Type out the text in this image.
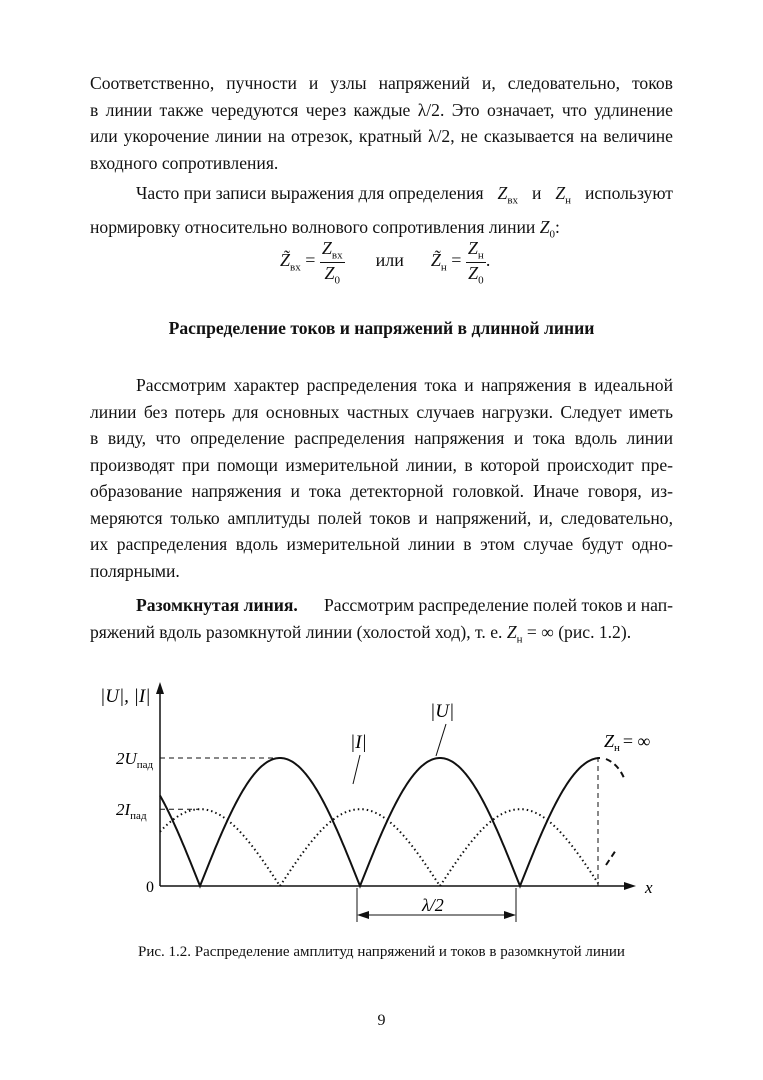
Соответственно, пучности и узлы напряжений и, следовательно, токов
в линии также чередуются через каждые λ/2. Это означает, что удлинение
или укорочение линии на отрезок, кратный λ/2, не сказывается на величине
входного сопротивления.
Часто при записи выражения для определения $Z_{вх}$ и $Z_н$ используют
нормировку относительно волнового сопротивления линии $Z_0$:
$Z̃_{вх} = \frac{Z_{вх}}{Z_0}$ или $Z̃_н = \frac{Z_н}{Z_0}$ .
Распределение токов и напряжений в длинной линии
Рассмотрим характер распределения тока и напряжения в идеальной
линии без потерь для основных частных случаев нагрузки. Следует иметь
в виду, что определение распределения напряжения и тока вдоль линии
производят при помощи измерительной линии, в которой происходит пре-
образование напряжения и тока детекторной головкой. Иначе говоря, из-
меряются только амплитуды полей токов и напряжений, и, следовательно,
их распределения вдоль измерительной линии в этом случае будут одно-
полярными.
Разомкнутая линия. Рассмотрим распределение полей токов и нап-
ряжений вдоль разомкнутой линии (холостой ход), т. е. $Z_н$ = ∞ (рис. 1.2).
|U|, |I|
x
0
$2U_{пад}$
$2I_{пад}$
|U|
|I|	$Z_н$ = ∞
λ/2
Рис. 1.2. Распределение амплитуд напряжений и токов в разомкнутой линии
9
